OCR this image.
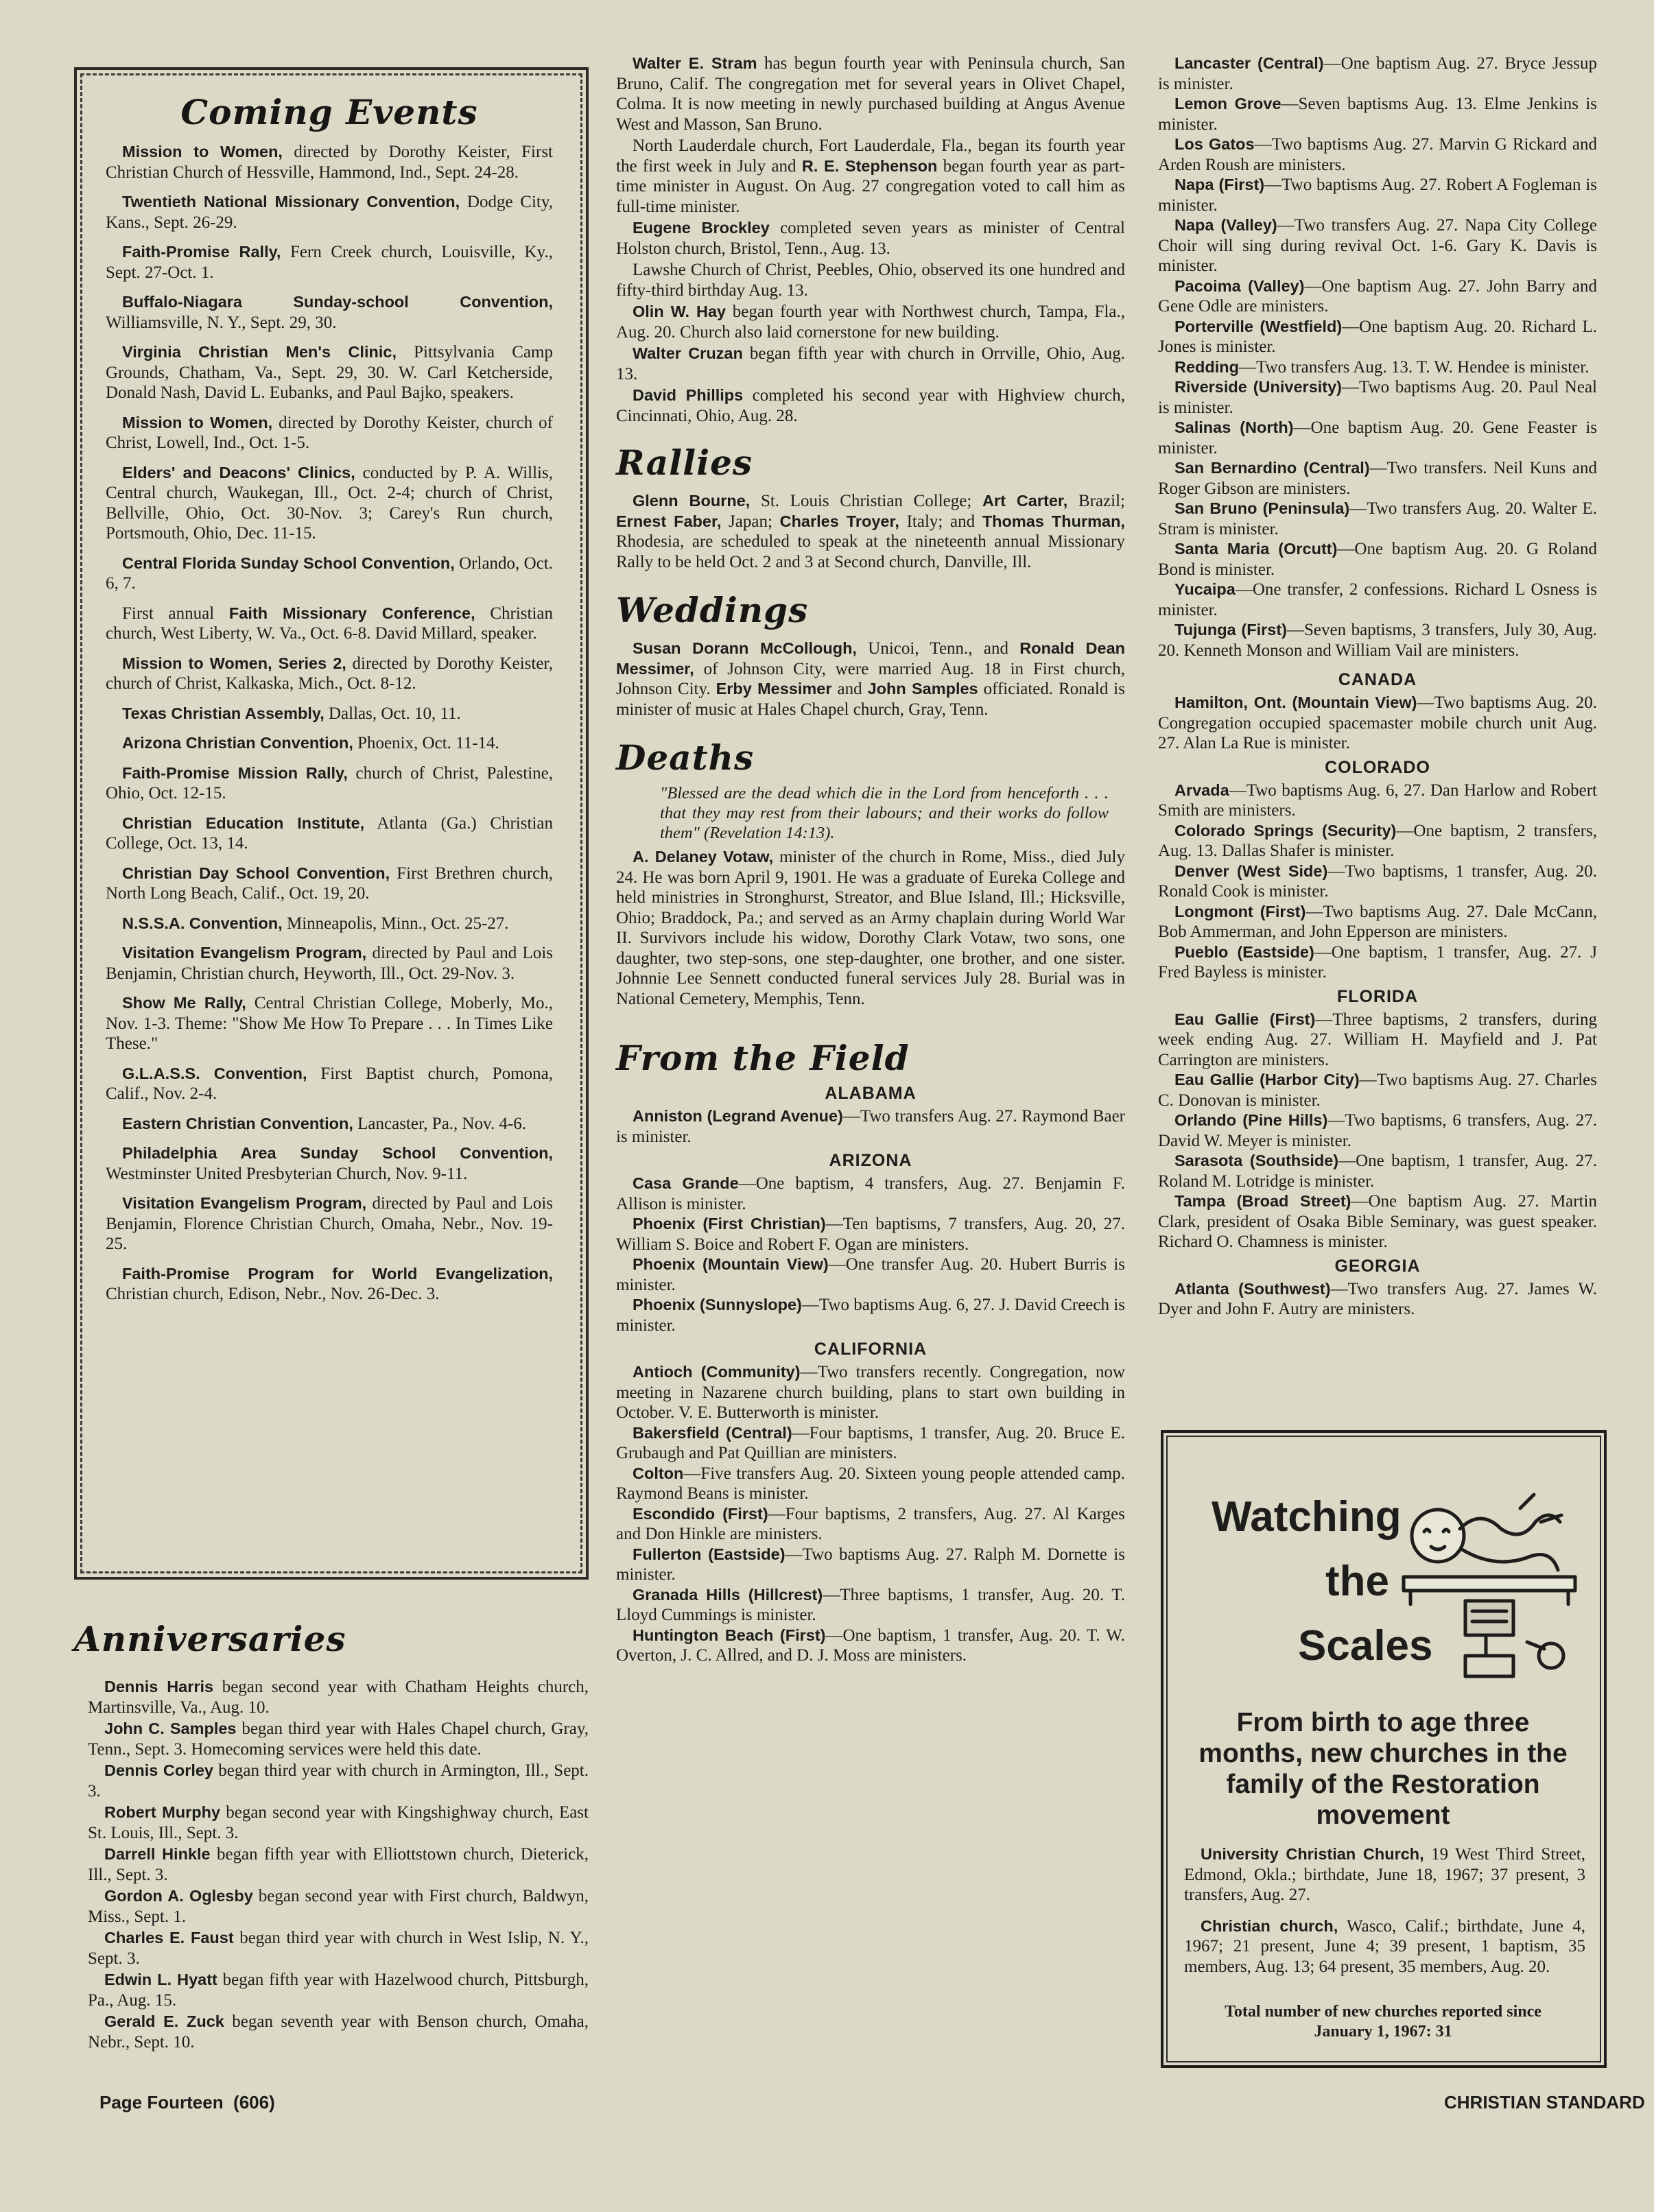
Coming Events

Mission to Women, directed by Dorothy Keister, First Christian Church of Hessville, Hammond, Ind., Sept. 24-28.

Twentieth National Missionary Convention, Dodge City, Kans., Sept. 26-29.

Faith-Promise Rally, Fern Creek church, Louisville, Ky., Sept. 27-Oct. 1.

Buffalo-Niagara Sunday-school Convention, Williamsville, N. Y., Sept. 29, 30.

Virginia Christian Men's Clinic, Pittsylvania Camp Grounds, Chatham, Va., Sept. 29, 30. W. Carl Ketcherside, Donald Nash, David L. Eubanks, and Paul Bajko, speakers.

Mission to Women, directed by Dorothy Keister, church of Christ, Lowell, Ind., Oct. 1-5.

Elders' and Deacons' Clinics, conducted by P. A. Willis, Central church, Waukegan, Ill., Oct. 2-4; church of Christ, Bellville, Ohio, Oct. 30-Nov. 3; Carey's Run church, Portsmouth, Ohio, Dec. 11-15.

Central Florida Sunday School Convention, Orlando, Oct. 6, 7.

First annual Faith Missionary Conference, Christian church, West Liberty, W. Va., Oct. 6-8. David Millard, speaker.

Mission to Women, Series 2, directed by Dorothy Keister, church of Christ, Kalkaska, Mich., Oct. 8-12.

Texas Christian Assembly, Dallas, Oct. 10, 11.

Arizona Christian Convention, Phoenix, Oct. 11-14.

Faith-Promise Mission Rally, church of Christ, Palestine, Ohio, Oct. 12-15.

Christian Education Institute, Atlanta (Ga.) Christian College, Oct. 13, 14.

Christian Day School Convention, First Brethren church, North Long Beach, Calif., Oct. 19, 20.

N.S.S.A. Convention, Minneapolis, Minn., Oct. 25-27.

Visitation Evangelism Program, directed by Paul and Lois Benjamin, Christian church, Heyworth, Ill., Oct. 29-Nov. 3.

Show Me Rally, Central Christian College, Moberly, Mo., Nov. 1-3. Theme: "Show Me How To Prepare . . . In Times Like These."

G.L.A.S.S. Convention, First Baptist church, Pomona, Calif., Nov. 2-4.

Eastern Christian Convention, Lancaster, Pa., Nov. 4-6.

Philadelphia Area Sunday School Convention, Westminster United Presbyterian Church, Nov. 9-11.

Visitation Evangelism Program, directed by Paul and Lois Benjamin, Florence Christian Church, Omaha, Nebr., Nov. 19-25.

Faith-Promise Program for World Evangelization, Christian church, Edison, Nebr., Nov. 26-Dec. 3.

Anniversaries

Dennis Harris began second year with Chatham Heights church, Martinsville, Va., Aug. 10.

John C. Samples began third year with Hales Chapel church, Gray, Tenn., Sept. 3. Homecoming services were held this date.

Dennis Corley began third year with church in Armington, Ill., Sept. 3.

Robert Murphy began second year with Kingshighway church, East St. Louis, Ill., Sept. 3.

Darrell Hinkle began fifth year with Elliottstown church, Dieterick, Ill., Sept. 3.

Gordon A. Oglesby began second year with First church, Baldwyn, Miss., Sept. 1.

Charles E. Faust began third year with church in West Islip, N. Y., Sept. 3.

Edwin L. Hyatt began fifth year with Hazelwood church, Pittsburgh, Pa., Aug. 15.

Gerald E. Zuck began seventh year with Benson church, Omaha, Nebr., Sept. 10.

Walter E. Stram has begun fourth year with Peninsula church, San Bruno, Calif. The congregation met for several years in Olivet Chapel, Colma. It is now meeting in newly purchased building at Angus Avenue West and Masson, San Bruno.

North Lauderdale church, Fort Lauderdale, Fla., began its fourth year the first week in July and R. E. Stephenson began fourth year as part-time minister in August. On Aug. 27 congregation voted to call him as full-time minister.

Eugene Brockley completed seven years as minister of Central Holston church, Bristol, Tenn., Aug. 13.

Lawshe Church of Christ, Peebles, Ohio, observed its one hundred and fifty-third birthday Aug. 13.

Olin W. Hay began fourth year with Northwest church, Tampa, Fla., Aug. 20. Church also laid cornerstone for new building.

Walter Cruzan began fifth year with church in Orrville, Ohio, Aug. 13.

David Phillips completed his second year with Highview church, Cincinnati, Ohio, Aug. 28.

Rallies

Glenn Bourne, St. Louis Christian College; Art Carter, Brazil; Ernest Faber, Japan; Charles Troyer, Italy; and Thomas Thurman, Rhodesia, are scheduled to speak at the nineteenth annual Missionary Rally to be held Oct. 2 and 3 at Second church, Danville, Ill.

Weddings

Susan Dorann McCollough, Unicoi, Tenn., and Ronald Dean Messimer, of Johnson City, were married Aug. 18 in First church, Johnson City. Erby Messimer and John Samples officiated. Ronald is minister of music at Hales Chapel church, Gray, Tenn.

Deaths

"Blessed are the dead which die in the Lord from henceforth . . . that they may rest from their labours; and their works do follow them" (Revelation 14:13).

A. Delaney Votaw, minister of the church in Rome, Miss., died July 24. He was born April 9, 1901. He was a graduate of Eureka College and held ministries in Stronghurst, Streator, and Blue Island, Ill.; Hicksville, Ohio; Braddock, Pa.; and served as an Army chaplain during World War II. Survivors include his widow, Dorothy Clark Votaw, two sons, one daughter, two step-sons, one step-daughter, one brother, and one sister. Johnnie Lee Sennett conducted funeral services July 28. Burial was in National Cemetery, Memphis, Tenn.

From the Field
ALABAMA

Anniston (Legrand Avenue)—Two transfers Aug. 27. Raymond Baer is minister.

ARIZONA

Casa Grande—One baptism, 4 transfers, Aug. 27. Benjamin F. Allison is minister.

Phoenix (First Christian)—Ten baptisms, 7 transfers, Aug. 20, 27. William S. Boice and Robert F. Ogan are ministers.

Phoenix (Mountain View)—One transfer Aug. 20. Hubert Burris is minister.

Phoenix (Sunnyslope)—Two baptisms Aug. 6, 27. J. David Creech is minister.

CALIFORNIA

Antioch (Community)—Two transfers recently. Congregation, now meeting in Nazarene church building, plans to start own building in October. V. E. Butterworth is minister.

Bakersfield (Central)—Four baptisms, 1 transfer, Aug. 20. Bruce E. Grubaugh and Pat Quillian are ministers.

Colton—Five transfers Aug. 20. Sixteen young people attended camp. Raymond Beans is minister.

Escondido (First)—Four baptisms, 2 transfers, Aug. 27. Al Karges and Don Hinkle are ministers.

Fullerton (Eastside)—Two baptisms Aug. 27. Ralph M. Dornette is minister.

Granada Hills (Hillcrest)—Three baptisms, 1 transfer, Aug. 20. T. Lloyd Cummings is minister.

Huntington Beach (First)—One baptism, 1 transfer, Aug. 20. T. W. Overton, J. C. Allred, and D. J. Moss are ministers.

Lancaster (Central)—One baptism Aug. 27. Bryce Jessup is minister.

Lemon Grove—Seven baptisms Aug. 13. Elme Jenkins is minister.

Los Gatos—Two baptisms Aug. 27. Marvin G Rickard and Arden Roush are ministers.

Napa (First)—Two baptisms Aug. 27. Robert A Fogleman is minister.

Napa (Valley)—Two transfers Aug. 27. Napa City College Choir will sing during revival Oct. 1-6. Gary K. Davis is minister.

Pacoima (Valley)—One baptism Aug. 27. John Barry and Gene Odle are ministers.

Porterville (Westfield)—One baptism Aug. 20. Richard L. Jones is minister.

Redding—Two transfers Aug. 13. T. W. Hendee is minister.

Riverside (University)—Two baptisms Aug. 20. Paul Neal is minister.

Salinas (North)—One baptism Aug. 20. Gene Feaster is minister.

San Bernardino (Central)—Two transfers. Neil Kuns and Roger Gibson are ministers.

San Bruno (Peninsula)—Two transfers Aug. 20. Walter E. Stram is minister.

Santa Maria (Orcutt)—One baptism Aug. 20. G Roland Bond is minister.

Yucaipa—One transfer, 2 confessions. Richard L Osness is minister.

Tujunga (First)—Seven baptisms, 3 transfers, July 30, Aug. 20. Kenneth Monson and William Vail are ministers.

CANADA

Hamilton, Ont. (Mountain View)—Two baptisms Aug. 20. Congregation occupied spacemaster mobile church unit Aug. 27. Alan La Rue is minister.

COLORADO

Arvada—Two baptisms Aug. 6, 27. Dan Harlow and Robert Smith are ministers.

Colorado Springs (Security)—One baptism, 2 transfers, Aug. 13. Dallas Shafer is minister.

Denver (West Side)—Two baptisms, 1 transfer, Aug. 20. Ronald Cook is minister.

Longmont (First)—Two baptisms Aug. 27. Dale McCann, Bob Ammerman, and John Epperson are ministers.

Pueblo (Eastside)—One baptism, 1 transfer, Aug. 27. J Fred Bayless is minister.

FLORIDA

Eau Gallie (First)—Three baptisms, 2 transfers, during week ending Aug. 27. William H. Mayfield and J. Pat Carrington are ministers.

Eau Gallie (Harbor City)—Two baptisms Aug. 27. Charles C. Donovan is minister.

Orlando (Pine Hills)—Two baptisms, 6 transfers, Aug. 27. David W. Meyer is minister.

Sarasota (Southside)—One baptism, 1 transfer, Aug. 27. Roland M. Lotridge is minister.

Tampa (Broad Street)—One baptism Aug. 27. Martin Clark, president of Osaka Bible Seminary, was guest speaker. Richard O. Chamness is minister.

GEORGIA

Atlanta (Southwest)—Two transfers Aug. 27. James W. Dyer and John F. Autry are ministers.

Watching
the
Scales
From birth to age three months, new churches in the family of the Restoration movement

University Christian Church, 19 West Third Street, Edmond, Okla.; birthdate, June 18, 1967; 37 present, 3 transfers, Aug. 27.

Christian church, Wasco, Calif.; birthdate, June 4, 1967; 21 present, June 4; 39 present, 1 baptism, 35 members, Aug. 13; 64 present, 35 members, Aug. 20.

Total number of new churches reported since January 1, 1967: 31

Page Fourteen  (606)	CHRISTIAN STANDARD
